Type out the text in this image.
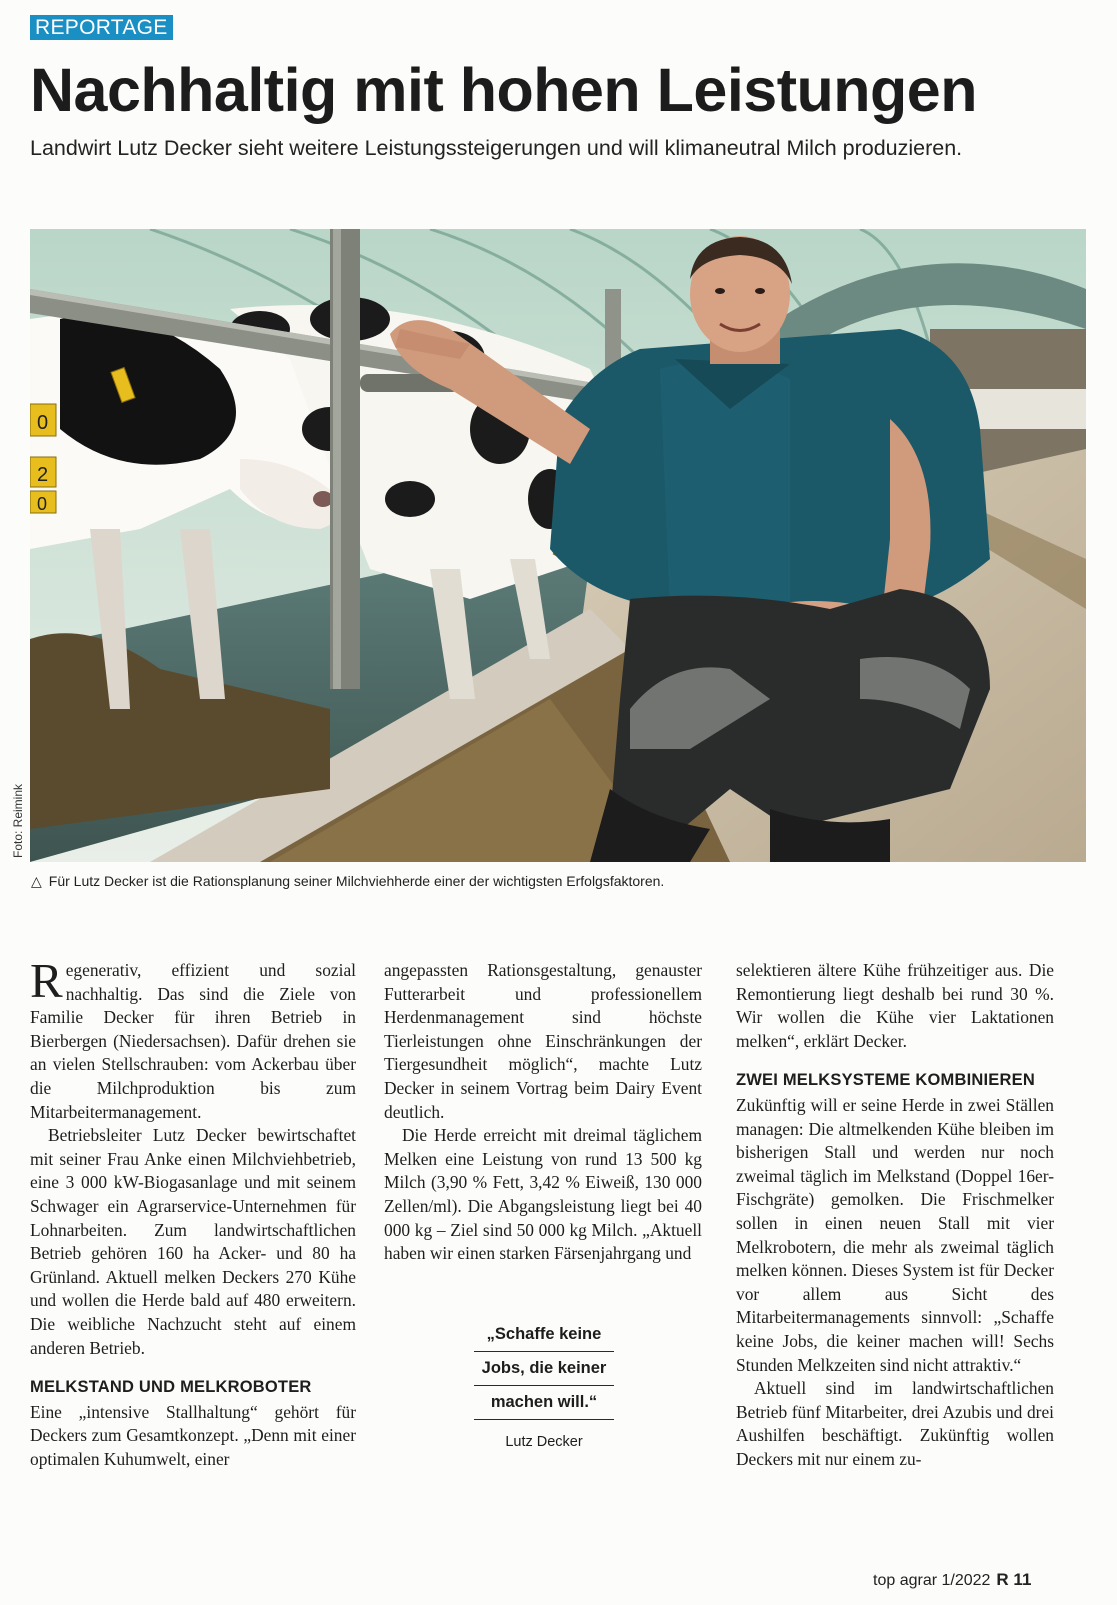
REPORTAGE
Nachhaltig mit hohen Leistungen

Landwirt Lutz Decker sieht weitere Leistungssteigerungen und will klimaneutral Milch produzieren.

0
2
0
Foto: Reimink
△ Für Lutz Decker ist die Rationsplanung seiner Milchviehherde einer der wichtigsten Erfolgsfaktoren.

Regenerativ, effizient und sozial nachhaltig. Das sind die Ziele von Familie Decker für ihren Betrieb in Bierbergen (Niedersachsen). Dafür drehen sie an vielen Stellschrauben: vom Ackerbau über die Milchproduktion bis zum Mitarbeitermanagement.

Betriebsleiter Lutz Decker bewirtschaftet mit seiner Frau Anke einen Milchviehbetrieb, eine 3 000 kW-Biogasanlage und mit seinem Schwager ein Agrarservice-Unternehmen für Lohnarbeiten. Zum landwirtschaftlichen Betrieb gehören 160 ha Acker- und 80 ha Grünland. Aktuell melken Deckers 270 Kühe und wollen die Herde bald auf 480 erweitern. Die weibliche Nachzucht steht auf einem anderen Betrieb.

MELKSTAND UND MELKROBOTER

Eine „intensive Stallhaltung“ gehört für Deckers zum Gesamtkonzept. „Denn mit einer optimalen Kuhumwelt, einer

angepassten Rationsgestaltung, genauster Futterarbeit und professionellem Herdenmanagement sind höchste Tierleistungen ohne Einschränkungen der Tiergesundheit möglich“, machte Lutz Decker in seinem Vortrag beim Dairy Event deutlich.

Die Herde erreicht mit dreimal täglichem Melken eine Leistung von rund 13 500 kg Milch (3,90 % Fett, 3,42 % Eiweiß, 130 000 Zellen/ml). Die Abgangsleistung liegt bei 40 000 kg – Ziel sind 50 000 kg Milch. „Aktuell haben wir einen starken Färsenjahrgang und

„Schaffe keine
Jobs, die keiner
machen will.“
Lutz Decker

selektieren ältere Kühe frühzeitiger aus. Die Remontierung liegt deshalb bei rund 30 %. Wir wollen die Kühe vier Laktationen melken“, erklärt Decker.

ZWEI MELKSYSTEME KOMBINIEREN

Zukünftig will er seine Herde in zwei Ställen managen: Die altmelkenden Kühe bleiben im bisherigen Stall und werden nur noch zweimal täglich im Melkstand (Doppel 16er-Fischgräte) gemolken. Die Frischmelker sollen in einen neuen Stall mit vier Melkrobotern, die mehr als zweimal täglich melken können. Dieses System ist für Decker vor allem aus Sicht des Mitarbeitermanagements sinnvoll: „Schaffe keine Jobs, die keiner machen will! Sechs Stunden Melkzeiten sind nicht attraktiv.“

Aktuell sind im landwirtschaftlichen Betrieb fünf Mitarbeiter, drei Azubis und drei Aushilfen beschäftigt. Zukünftig wollen Deckers mit nur einem zu-

top agrar 1/2022 R 11
